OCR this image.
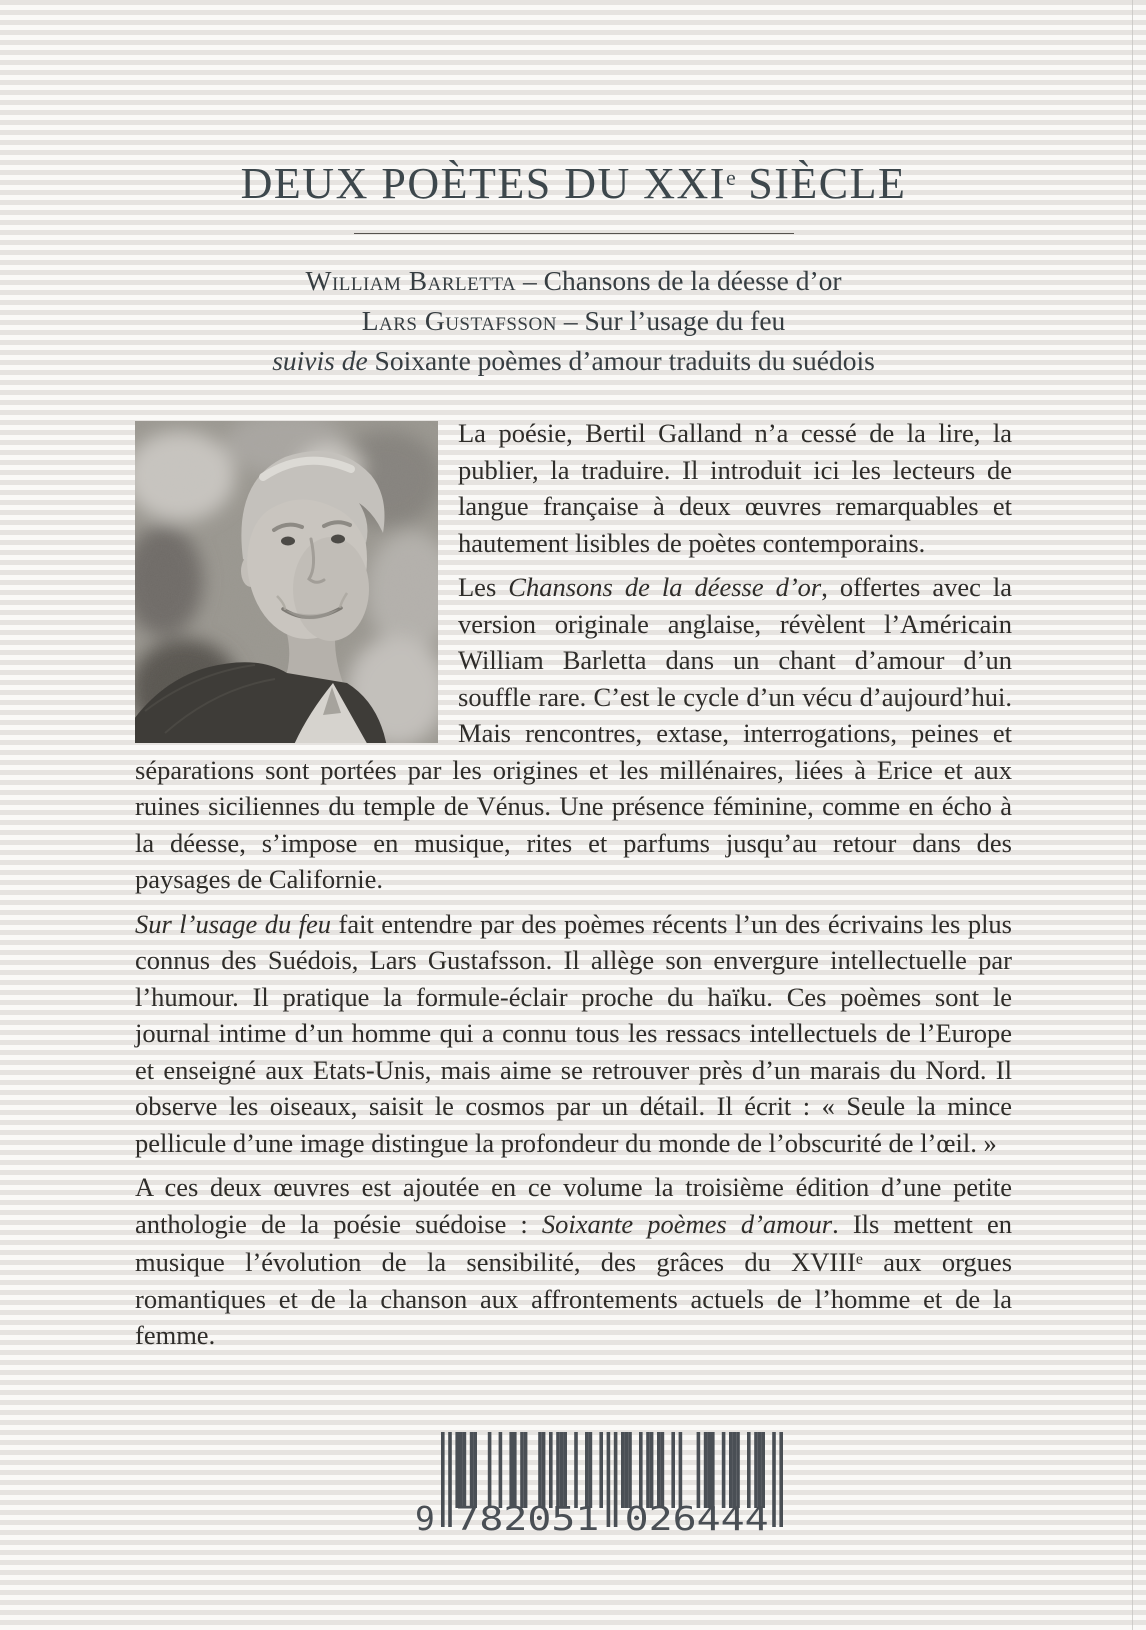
DEUX POÈTES DU XXIe SIÈCLE
William Barletta – Chansons de la déesse d’or
Lars Gustafsson – Sur l’usage du feu
suivis de Soixante poèmes d’amour traduits du suédois

La poésie, Bertil Galland n’a cessé de la lire, la publier, la traduire. Il introduit ici les lecteurs de langue française à deux œuvres remarquables et hautement lisibles de poètes contemporains.

Les Chansons de la déesse d’or, offertes avec la version originale anglaise, révèlent l’Américain William Barletta dans un chant d’amour d’un souffle rare. C’est le cycle d’un vécu d’aujourd’hui. Mais rencontres, extase, interrogations, peines et séparations sont portées par les origines et les millénaires, liées à Erice et aux ruines siciliennes du temple de Vénus. Une présence féminine, comme en écho à la déesse, s’impose en musique, rites et parfums jusqu’au retour dans des paysages de Californie.

Sur l’usage du feu fait entendre par des poèmes récents l’un des écrivains les plus connus des Suédois, Lars Gustafsson. Il allège son envergure intellectuelle par l’humour. Il pratique la formule-éclair proche du haïku. Ces poèmes sont le journal intime d’un homme qui a connu tous les ressacs intellectuels de l’Europe et enseigné aux Etats-Unis, mais aime se retrouver près d’un marais du Nord. Il observe les oiseaux, saisit le cosmos par un détail. Il écrit : « Seule la mince pellicule d’une image distingue la profondeur du monde de l’obscurité de l’œil. »

A ces deux œuvres est ajoutée en ce volume la troisième édition d’une petite anthologie de la poésie suédoise : Soixante poèmes d’amour. Ils mettent en musique l’évolution de la sensibilité, des grâces du XVIIIe aux orgues romantiques et de la chanson aux affrontements actuels de l’homme et de la femme.

9 782051 026444
